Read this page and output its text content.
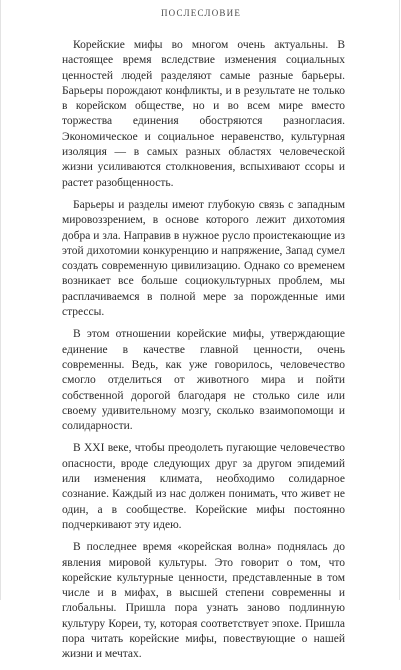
ПОСЛЕСЛОВИЕ

Корейские мифы во многом очень актуальны. В настоящее время вследствие изменения социальных ценностей людей разделяют самые разные барьеры. Барьеры порождают конфликты, и в результате не только в корейском обществе, но и во всем мире вместо торжества единения обостряются разногласия. Экономическое и социальное неравенство, культурная изоляция — в самых разных областях человеческой жизни усиливаются столкновения, вспыхивают ссоры и растет разобщенность.

Барьеры и разделы имеют глубокую связь с западным мировоззрением, в основе которого лежит дихотомия добра и зла. Направив в нужное русло проистекающие из этой дихотомии конкуренцию и напряжение, Запад сумел создать современную цивилизацию. Однако со временем возникает все больше социокультурных проблем, мы расплачиваемся в полной мере за порожденные ими стрессы.

В этом отношении корейские мифы, утверждающие единение в качестве главной ценности, очень современны. Ведь, как уже говорилось, человечество смогло отделиться от животного мира и пойти собственной дорогой благодаря не столько силе или своему удивительному мозгу, сколько взаимопомощи и солидарности.

В XXI веке, чтобы преодолеть пугающие человечество опасности, вроде следующих друг за другом эпидемий или изменения климата, необходимо солидарное сознание. Каждый из нас должен понимать, что живет не один, а в сообществе. Корейские мифы постоянно подчеркивают эту идею.

В последнее время «корейская волна» поднялась до явления мировой культуры. Это говорит о том, что корейские культурные ценности, представленные в том числе и в мифах, в высшей степени современны и глобальны. Пришла пора узнать заново подлинную культуру Кореи, ту, которая соответствует эпохе. Пришла пора читать корейские мифы, повествующие о нашей жизни и мечтах.
